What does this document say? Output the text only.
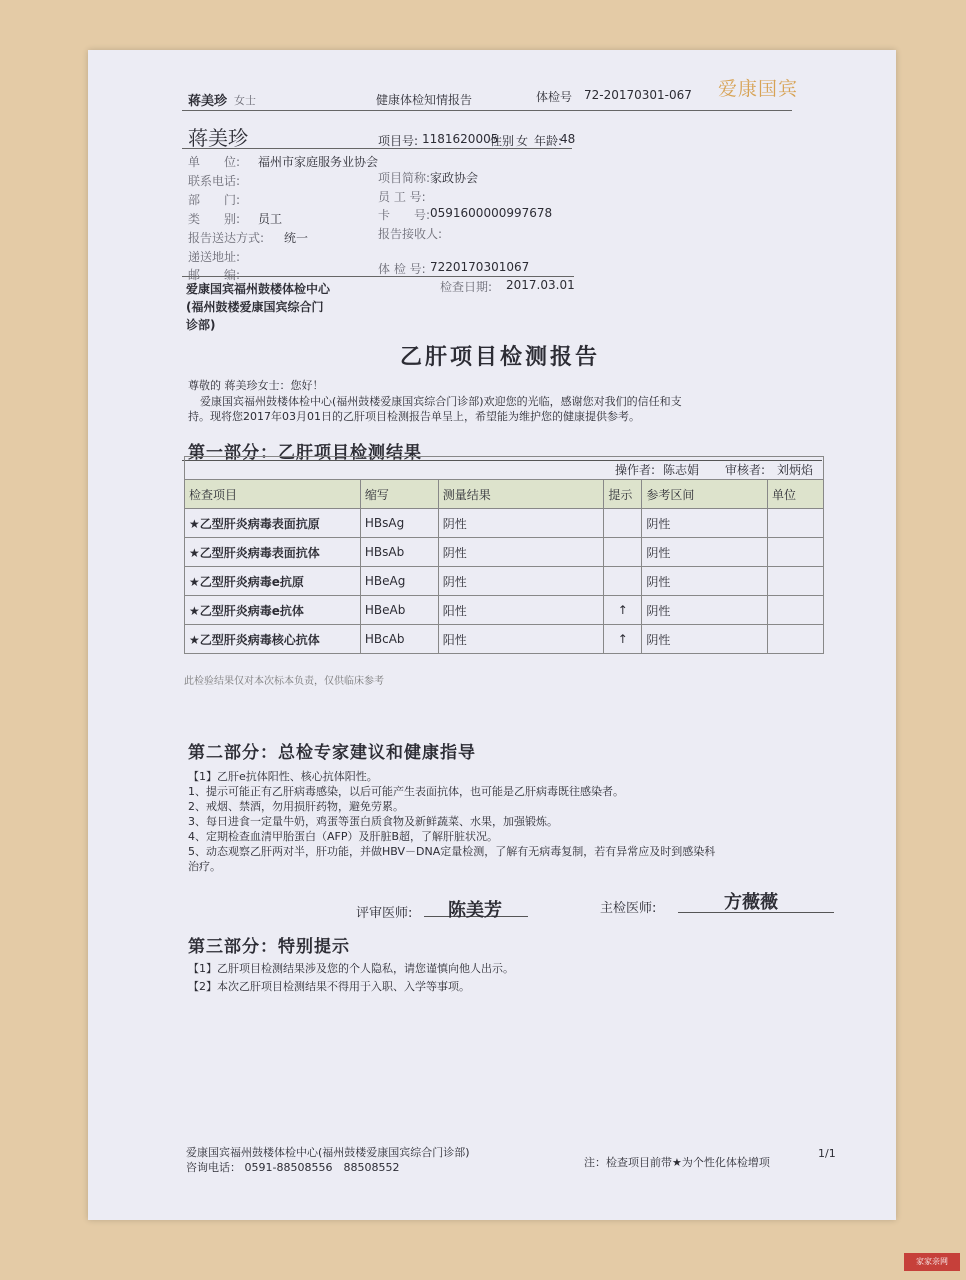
蒋美珍 女士	健康体检知情报告	体检号 72-20170301-067 爱康国宾
蒋美珍	项目号: 1181620005
性别 女 年龄:
48
单　　位: 福州市家庭服务业协会
联系电话:	项目简称: 家政协会
部　　门:	员 工 号:
类　　别: 员工	卡　　号: 0591600000997678
报告送达方式: 统一	报告接收人:
递送地址:
邮　　编:	体 检 号: 7220170301067
爱康国宾福州鼓楼体检中心
(福州鼓楼爱康国宾综合门
诊部)
检查日期: 2017.03.01
乙肝项目检测报告
尊敬的 蒋美珍女士：您好！
爱康国宾福州鼓楼体检中心(福州鼓楼爱康国宾综合门诊部)欢迎您的光临，感谢您对我们的信任和支
持。现将您2017年03月01日的乙肝项目检测报告单呈上，希望能为维护您的健康提供参考。
第一部分：乙肝项目检测结果
操作者: 陈志娟 审核者: 刘炳焰
检查项目	缩写	测量结果	提示	参考区间	单位
★乙型肝炎病毒表面抗原	HBsAg	阴性		阴性	
★乙型肝炎病毒表面抗体	HBsAb	阴性		阴性	
★乙型肝炎病毒e抗原	HBeAg	阴性		阴性	
★乙型肝炎病毒e抗体	HBeAb	阳性	↑	阴性	
★乙型肝炎病毒核心抗体	HBcAb	阳性	↑	阴性	
此检验结果仅对本次标本负责，仅供临床参考
第二部分：总检专家建议和健康指导
【1】乙肝e抗体阳性、核心抗体阳性。
1、提示可能正有乙肝病毒感染，以后可能产生表面抗体，也可能是乙肝病毒既往感染者。
2、戒烟、禁酒，勿用损肝药物，避免劳累。
3、每日进食一定量牛奶，鸡蛋等蛋白质食物及新鲜蔬菜、水果，加强锻炼。
4、定期检查血清甲胎蛋白（AFP）及肝脏B超，了解肝脏状况。
5、动态观察乙肝两对半，肝功能，并做HBV－DNA定量检测，了解有无病毒复制，若有异常应及时到感染科
治疗。
评审医师: 陈美芳	主检医师:	方薇薇
第三部分：特别提示
【1】乙肝项目检测结果涉及您的个人隐私，请您谨慎向他人出示。
【2】本次乙肝项目检测结果不得用于入职、入学等事项。
爱康国宾福州鼓楼体检中心(福州鼓楼爱康国宾综合门诊部)
咨询电话： 0591-88508556　88508552	注：检查项目前带★为个性化体检增项
1/1
家家亲网
